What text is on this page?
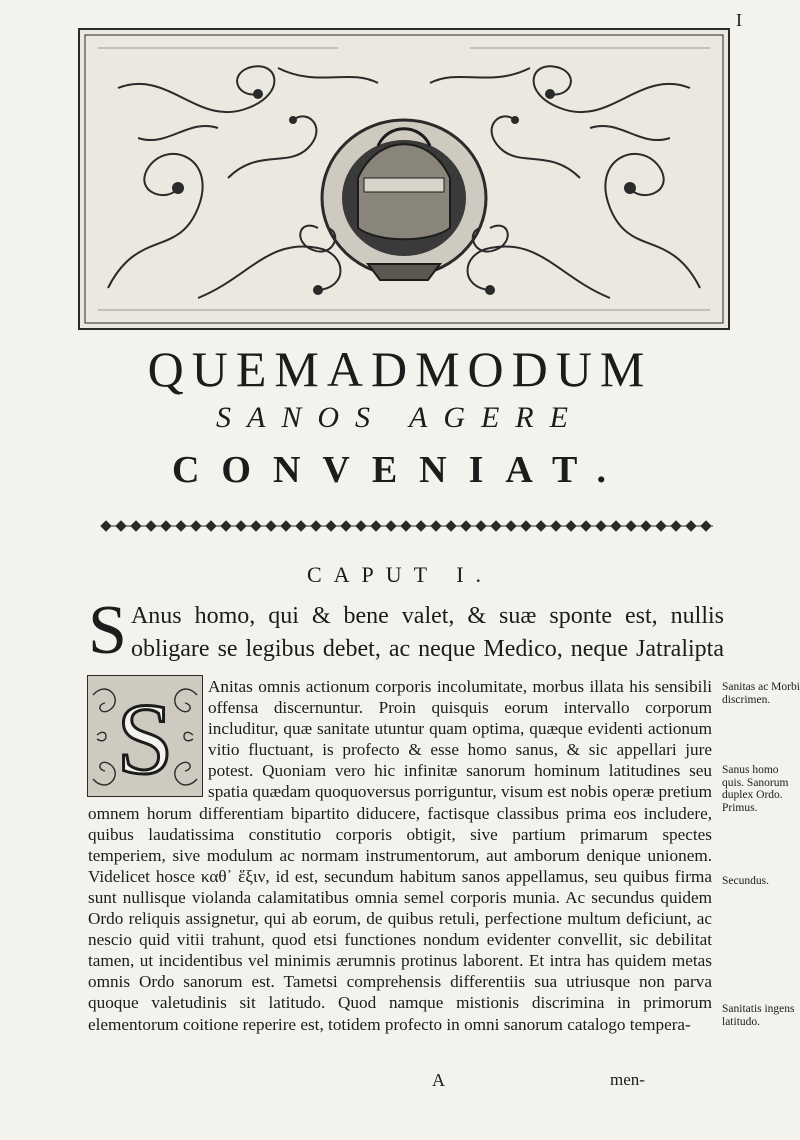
I
QUEMADMODUM
SANOS AGERE
CONVENIAT.
CAPUT I.

S Anus homo, qui & bene valet, & suæ sponte est, nullis obligare se legibus debet, ac neque Medico, neque Jatralipta

S	Anitas omnis actionum corporis incolumitate, morbus illata his sensibili offensa discernuntur. Proin quisquis eorum intervallo corporum includitur, quæ sanitate utuntur quam optima, quæque evidenti actionum vitio fluctuant, is profecto & esse homo sanus, & sic appellari jure potest. Quoniam vero hic infinitæ sanorum hominum latitudines seu spatia quædam quoquoversus porriguntur, visum est nobis operæ pretium omnem horum differentiam bipartito diducere, factisque classibus prima eos includere, quibus laudatissima constitutio corporis obtigit, sive partium primarum spectes temperiem, sive modulum ac normam instrumentorum, aut amborum denique unionem. Videlicet hosce καθ᾽ ἕξιν, id est, secundum habitum sanos appellamus, seu quibus firma sunt nullisque violanda calamitatibus omnia semel corporis munia. Ac secundus quidem Ordo reliquis assignetur, qui ab eorum, de quibus retuli, perfectione multum deficiunt, ac nescio quid vitii trahunt, quod etsi functiones nondum evidenter convellit, sic debilitat tamen, ut incidentibus vel minimis ærumnis protinus laborent. Et intra has quidem metas omnis Ordo sanorum est. Tametsi comprehensis differentiis sua utriusque non parva quoque valetudinis sit latitudo. Quod namque mistionis discrimina in primorum elementorum coitione reperire est, totidem profecto in omni sanorum catalogo tempera-

Sanitas ac Morbi discrimen.
Sanus homo quis. Sanorum duplex Ordo. Primus.
Secundus.
Sanitatis ingens latitudo.
A	men-
